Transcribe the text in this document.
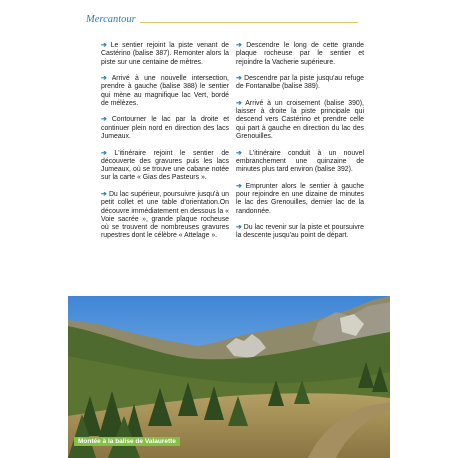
Mercantour

➔ Le sentier rejoint la piste venant de Castérino (balise 387). Remonter alors la piste sur une centaine de mètres.

➔ Arrivé à une nouvelle intersection, prendre à gauche (balise 388) le sentier qui mène au magnifique lac Vert, bordé de mélèzes.

➔ Contourner le lac par la droite et continuer plein nord en direction des lacs Jumeaux.

➔ L'itinéraire rejoint le sentier de découverte des gravures puis les lacs Jumeaux, où se trouve une cabane notée sur la carte « Gias des Pasteurs ».

➔ Du lac supérieur, poursuivre jusqu'à un petit collet et une table d'orientation.On découvre immédiatement en dessous la « Voie sacrée », grande plaque rocheuse où se trouvent de nombreuses gravures rupestres dont le célèbre « Attelage ».

➔ Descendre le long de cette grande plaque rocheuse par le sentier et rejoindre la Vacherie supérieure.

➔ Descendre par la piste jusqu'au refuge de Fontanalbe (balise 389).

➔ Arrivé à un croisement (balise 390), laisser à droite la piste principale qui descend vers Castérino et prendre celle qui part à gauche en direction du lac des Grenouilles.

➔ L'itinéraire conduit à un nouvel embranchement une quinzaine de minutes plus tard environ (balise 392).

➔ Emprunter alors le sentier à gauche pour rejoindre en une dizaine de minutes le lac des Grenouilles, dernier lac de la randonnée.

➔ Du lac revenir sur la piste et poursuivre la descente jusqu'au point de départ.

Montée à la balise de Valaurette
